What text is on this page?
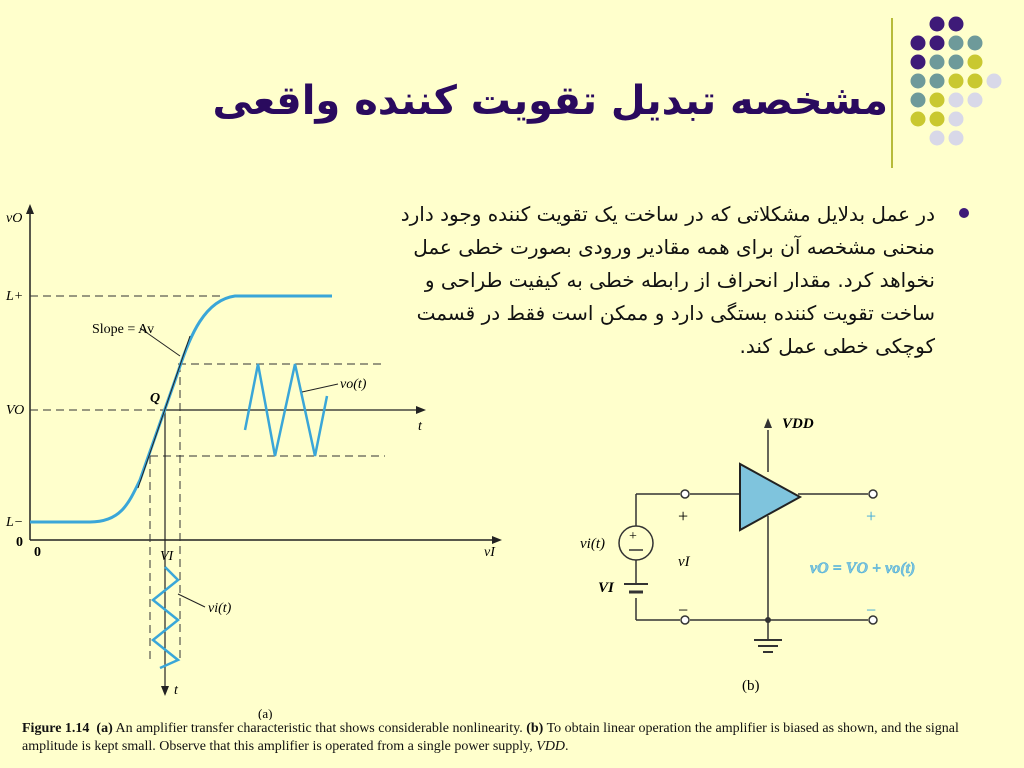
مشخصه تبدیل تقویت کننده واقعی

در عمل بدلایل مشکلاتی که در ساخت یک تقویت کننده وجود دارد منحنی مشخصه آن برای همه مقادیر ورودی بصورت خطی عمل نخواهد کرد. مقدار انحراف از رابطه خطی به کیفیت طراحی و ساخت تقویت کننده بستگی دارد و ممکن است فقط در قسمت کوچکی خطی عمل کند.

vO
L+
VO
L−
0
0	vI
Slope = Av
Q
t
vo(t)
VI
vi(t)
t
(a)
+
VDD
vi(t)
vI
VI
+
−
+
−
vO = VO + vo(t)
(b)
Figure 1.14 (a) An amplifier transfer characteristic that shows considerable nonlinearity. (b) To obtain linear operation the amplifier is biased as shown, and the signal amplitude is kept small. Observe that this amplifier is operated from a single power supply, VDD.
